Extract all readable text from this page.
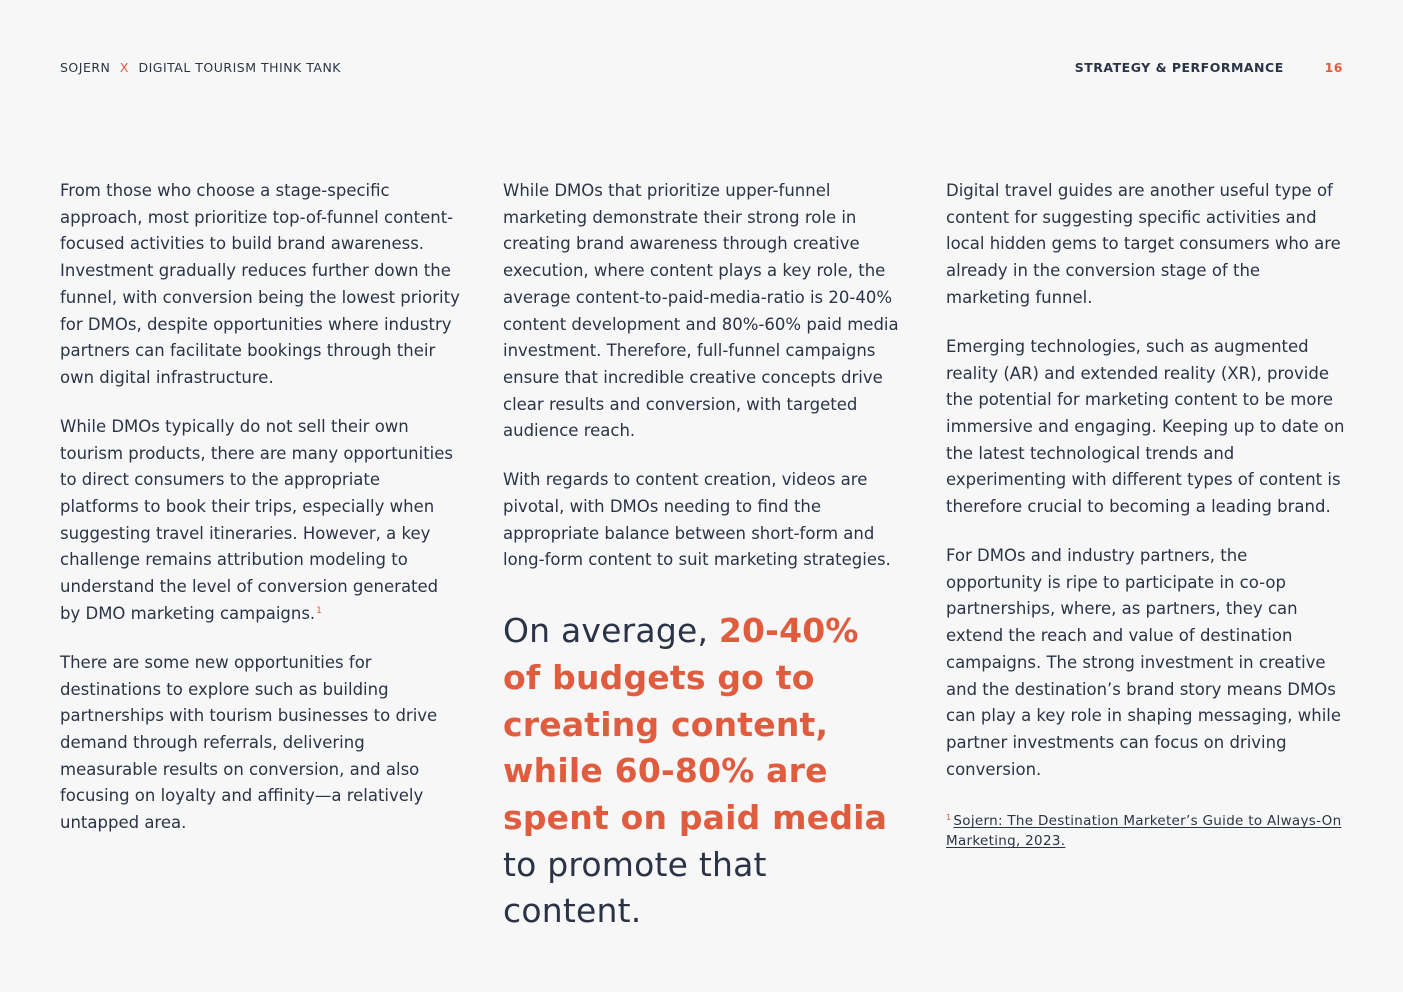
SOJERN X DIGITAL TOURISM THINK TANK	STRATEGY & PERFORMANCE	16

From those who choose a stage-specific approach, most prioritize top-of-funnel content-focused activities to build brand awareness. Investment gradually reduces further down the funnel, with conversion being the lowest priority for DMOs, despite opportunities where industry partners can facilitate bookings through their own digital infrastructure.

While DMOs typically do not sell their own tourism products, there are many opportunities to direct consumers to the appropriate platforms to book their trips, especially when suggesting travel itineraries. However, a key challenge remains attribution modeling to understand the level of conversion generated by DMO marketing campaigns.$^1$

There are some new opportunities for destinations to explore such as building partnerships with tourism businesses to drive demand through referrals, delivering measurable results on conversion, and also focusing on loyalty and affinity—a relatively untapped area.

While DMOs that prioritize upper-funnel marketing demonstrate their strong role in creating brand awareness through creative execution, where content plays a key role, the average content-to-paid-media-ratio is 20-40% content development and 80%-60% paid media investment. Therefore, full-funnel campaigns ensure that incredible creative concepts drive clear results and conversion, with targeted audience reach.

With regards to content creation, videos are pivotal, with DMOs needing to find the appropriate balance between short-form and long-form content to suit marketing strategies.

On average, 20-40% of budgets go to creating content, while 60-80% are spent on paid media to promote that content.

Digital travel guides are another useful type of content for suggesting specific activities and local hidden gems to target consumers who are already in the conversion stage of the marketing funnel.

Emerging technologies, such as augmented reality (AR) and extended reality (XR), provide the potential for marketing content to be more immersive and engaging. Keeping up to date on the latest technological trends and experimenting with different types of content is therefore crucial to becoming a leading brand.

For DMOs and industry partners, the opportunity is ripe to participate in co-op partnerships, where, as partners, they can extend the reach and value of destination campaigns. The strong investment in creative and the destination’s brand story means DMOs can play a key role in shaping messaging, while partner investments can focus on driving conversion.

$^1$ Sojern: The Destination Marketer’s Guide to Always-On Marketing, 2023.
